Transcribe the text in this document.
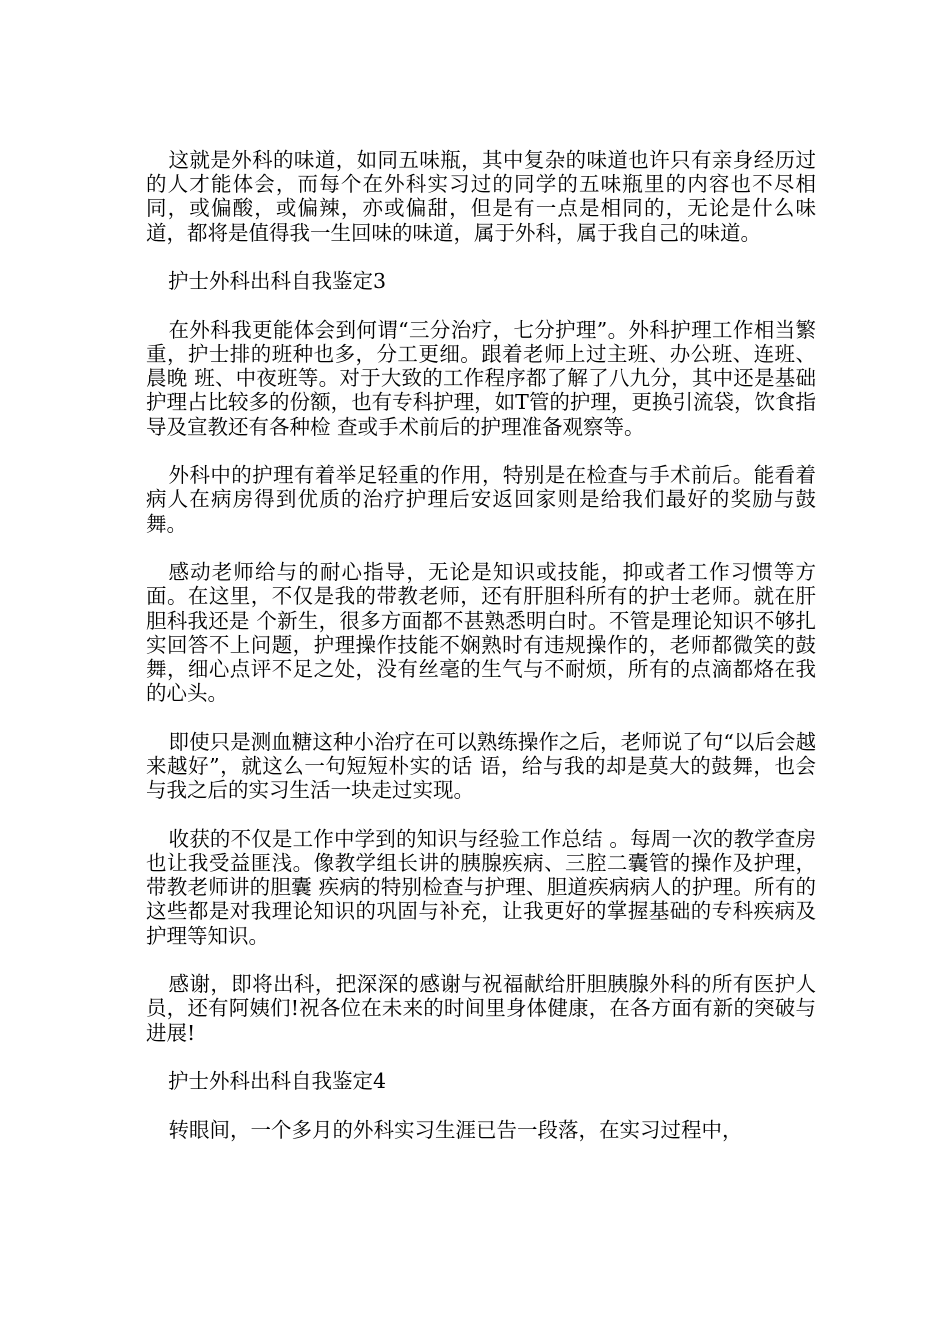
这就是外科的味道，如同五味瓶，其中复杂的味道也许只有亲身经历过的人才能体会，而每个在外科实习过的同学的五味瓶里的内容也不尽相同，或偏酸，或偏辣，亦或偏甜，但是有一点是相同的，无论是什么味道，都将是值得我一生回味的味道，属于外科，属于我自己的味道。

护士外科出科自我鉴定3

在外科我更能体会到何谓“三分治疗，七分护理”。外科护理工作相当繁重，护士排的班种也多，分工更细。跟着老师上过主班、办公班、连班、晨晚 班、中夜班等。对于大致的工作程序都了解了八九分，其中还是基础护理占比较多的份额，也有专科护理，如T管的护理，更换引流袋，饮食指导及宣教还有各种检 查或手术前后的护理准备观察等。

外科中的护理有着举足轻重的作用，特别是在检查与手术前后。能看着病人在病房得到优质的治疗护理后安返回家则是给我们最好的奖励与鼓舞。

感动老师给与的耐心指导，无论是知识或技能，抑或者工作习惯等方面。在这里，不仅是我的带教老师，还有肝胆科所有的护士老师。就在肝胆科我还是 个新生，很多方面都不甚熟悉明白时。不管是理论知识不够扎实回答不上问题，护理操作技能不娴熟时有违规操作的，老师都微笑的鼓舞，细心点评不足之处，没有丝毫的生气与不耐烦，所有的点滴都烙在我的心头。

即使只是测血糖这种小治疗在可以熟练操作之后，老师说了句“以后会越来越好”，就这么一句短短朴实的话 语，给与我的却是莫大的鼓舞，也会与我之后的实习生活一块走过实现。

收获的不仅是工作中学到的知识与经验工作总结 。每周一次的教学查房也让我受益匪浅。像教学组长讲的胰腺疾病、三腔二囊管的操作及护理，带教老师讲的胆囊 疾病的特别检查与护理、胆道疾病病人的护理。所有的这些都是对我理论知识的巩固与补充，让我更好的掌握基础的专科疾病及护理等知识。

感谢，即将出科，把深深的感谢与祝福献给肝胆胰腺外科的所有医护人员，还有阿姨们!祝各位在未来的时间里身体健康，在各方面有新的突破与进展!

护士外科出科自我鉴定4

转眼间，一个多月的外科实习生涯已告一段落，在实习过程中，
